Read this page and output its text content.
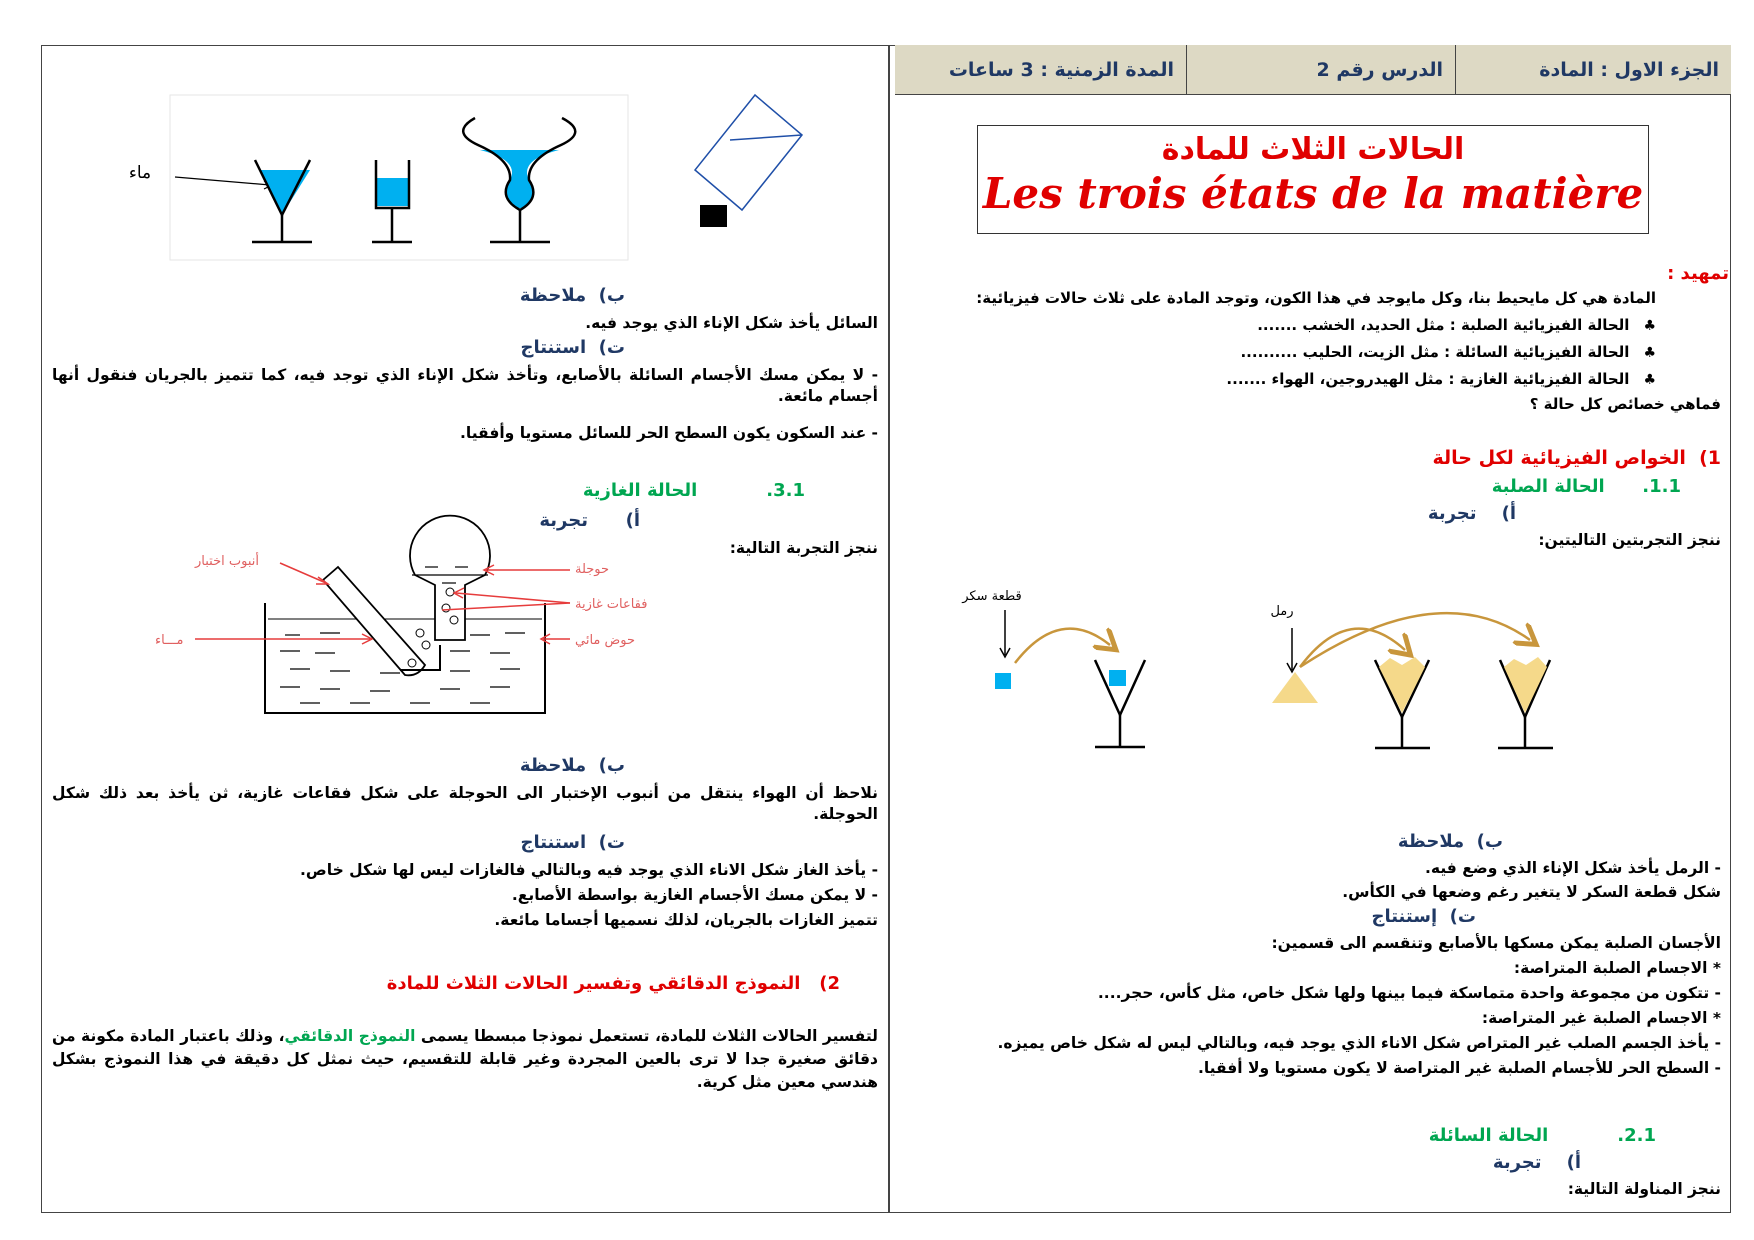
الجزء الاول : المادة
الدرس رقم 2
المدة الزمنية : 3 ساعات
الحالات الثلاث للمادة
Les trois états de la matière
تمهيد :
المادة هي كل مايحيط بنا، وكل مايوجد في هذا الكون، وتوجد المادة على ثلاث حالات فيزيائية:
♣الحالة الفيزيائية الصلبة : مثل الحديد، الخشب .......
♣الحالة الفيزيائية السائلة : مثل الزيت، الحليب ..........
♣الحالة الفيزيائية الغازية : مثل الهيدروجين، الهواء .......
فماهي خصائص كل حالة ؟
1)  الخواص الفيزيائية لكل حالة
1.1.      الحالة الصلبة
أ)    تجربة
ننجز التجربتين التاليتين:
ب)  ملاحظة
- الرمل يأخذ شكل الإناء الذي وضع فيه.
شكل قطعة السكر لا يتغير رغم وضعها في الكأس.
ت)  إستنتاج
الأجسان الصلبة يمكن مسكها بالأصابع وتنقسم الى قسمين:
* الاجسام الصلبة المتراصة:
- تتكون من مجموعة واحدة متماسكة فيما بينها ولها شكل خاص، مثل كأس، حجر....
* الاجسام الصلبة غير المتراصة:
- يأخذ الجسم الصلب غير المتراص شكل الاناء الذي يوجد فيه، وبالتالي ليس له شكل خاص يميزه.
- السطح الحر للأجسام الصلبة غير المتراصة لا يكون مستويا ولا أفقيا.
2.1.           الحالة السائلة
أ)    تجربة
ننجز المناولة التالية:
قطعة سكر
رمل
ب)  ملاحظة
السائل يأخذ شكل الإناء الذي يوجد فيه.
ت)  استنتاج
- لا يمكن مسك الأجسام السائلة بالأصابع، وتأخذ شكل الإناء الذي توجد فيه، كما تتميز بالجريان فنقول أنها أجسام مائعة.
- عند السكون يكون السطح الحر للسائل مستويا وأفقيا.
3.1.           الحالة الغازية
أ)      تجربة
ننجز التجربة التالية:
ب)  ملاحظة
نلاحظ أن الهواء ينتقل من أنبوب الإختبار الى الحوجلة على شكل فقاعات غازية، ثن يأخذ بعد ذلك شكل الحوجلة.
ت)  استنتاج
- يأخذ الغاز شكل الاناء الذي يوجد فيه وبالتالي فالغازات ليس لها شكل خاص.
- لا يمكن مسك الأجسام الغازية بواسطة الأصابع.
تتميز الغازات بالجريان، لذلك نسميها أجساما مائعة.
2)   النموذج الدقائقي وتفسير الحالات الثلاث للمادة
لتفسير الحالات الثلاث للمادة، تستعمل نموذجا مبسطا يسمى النموذج الدقائقي، وذلك باعتبار المادة مكونة من دقائق صغيرة جدا لا ترى بالعين المجردة وغير قابلة للتقسيم، حيث نمثل كل دقيقة في هذا النموذج بشكل هندسي معين مثل كرية.
ماء
أنبوب اختبار
حوجلة
فقاعات غازية
حوض مائي
مـــاء
